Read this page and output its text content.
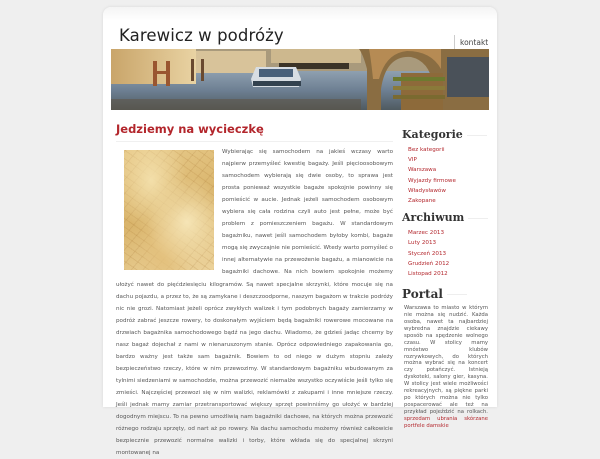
Karewicz w podróży	kontakt
Jedziemy na wycieczkę

Wybierając się samochodem na jakieś wczasy warto najpierw przemyśleć kwestię bagaży. Jeśli pięcioosobowym samochodem wybierają się dwie osoby, to sprawa jest prosta ponieważ wszystkie bagaże spokojnie powinny się pomieścić w aucie. Jednak jeżeli samochodem osobowym wybiera się cała rodzina czyli auto jest pełne, może być problem z pomieszczeniem bagażu. W standardowym bagażniku, nawet jeśli samochodem byłoby kombi, bagaże mogą się zwyczajnie nie pomieścić. Wtedy warto pomyśleć o innej alternatywie na przewożenie bagażu, a mianowicie na bagażniki dachowe. Na nich bowiem spokojnie możemy ułożyć nawet do pięćdziesięciu kilogramów. Są nawet specjalne skrzynki, które mocuje się na dachu pojazdu, a przez to, że są zamykane i deszczoodporne, naszym bagażom w trakcie podróży nic nie grozi. Natomiast jeżeli oprócz zwykłych walizek i tym podobnych bagaży zamierzamy w podróż zabrać jeszcze rowery, to doskonałym wyjściem będą bagażniki rowerowe mocowane na drzwiach bagażnika samochodowego bądź na jego dachu. Wiadomo, że gdzieś jadąc chcemy by nasz bagaż dojechał z nami w nienaruszonym stanie. Oprócz odpowiedniego zapakowania go, bardzo ważny jest także sam bagażnik. Bowiem to od niego w dużym stopniu zależy bezpieczeństwo rzeczy, które w nim przewozimy. W standardowym bagażniku wbudowanym za tylnimi siedzeniami w samochodzie, można przewozić niemalże wszystko oczywiście jeśli tylko się zmieści. Najczęściej przewozi się w nim walizki, reklamówki z zakupami i inne mniejsze rzeczy. Jeśli jednak mamy zamiar przetransportować większy sprzęt powinniśmy go ułożyć w bardziej dogodnym miejscu. To na pewno umożliwią nam bagażniki dachowe, na których można przewozić różnego rodzaju sprzęty, od nart aż po rowery. Na dachu samochodu możemy również całkowicie bezpiecznie przewozić normalne walizki i torby, które wkłada się do specjalnej skrzyni montowanej na

Kategorie
Bez kategorii
VIP
Warszawa
Wyjazdy firmowe
Władysławów
Zakopane
Archiwum
Marzec 2013
Luty 2013
Styczeń 2013
Grudzień 2012
Listopad 2012
Portal

Warszawa to miasto w którym nie można się nudzić. Każda osoba, nawet ta najbardziej wybredna znajdzie ciekawy sposób na spędzenie wolnego czasu. W stolicy mamy mnóstwo klubów rozrywkowych, do których można wybrać się na koncert czy potańczyć. Istnieją dyskoteki, salony gier, kasyna. W stolicy jest wiele możliwości rekreacyjnych, są piękne parki po których można nie tylko pospacerować ale też na przykład pojeździć na rolkach. sprzedam ubrania skórzane portfele damskie
